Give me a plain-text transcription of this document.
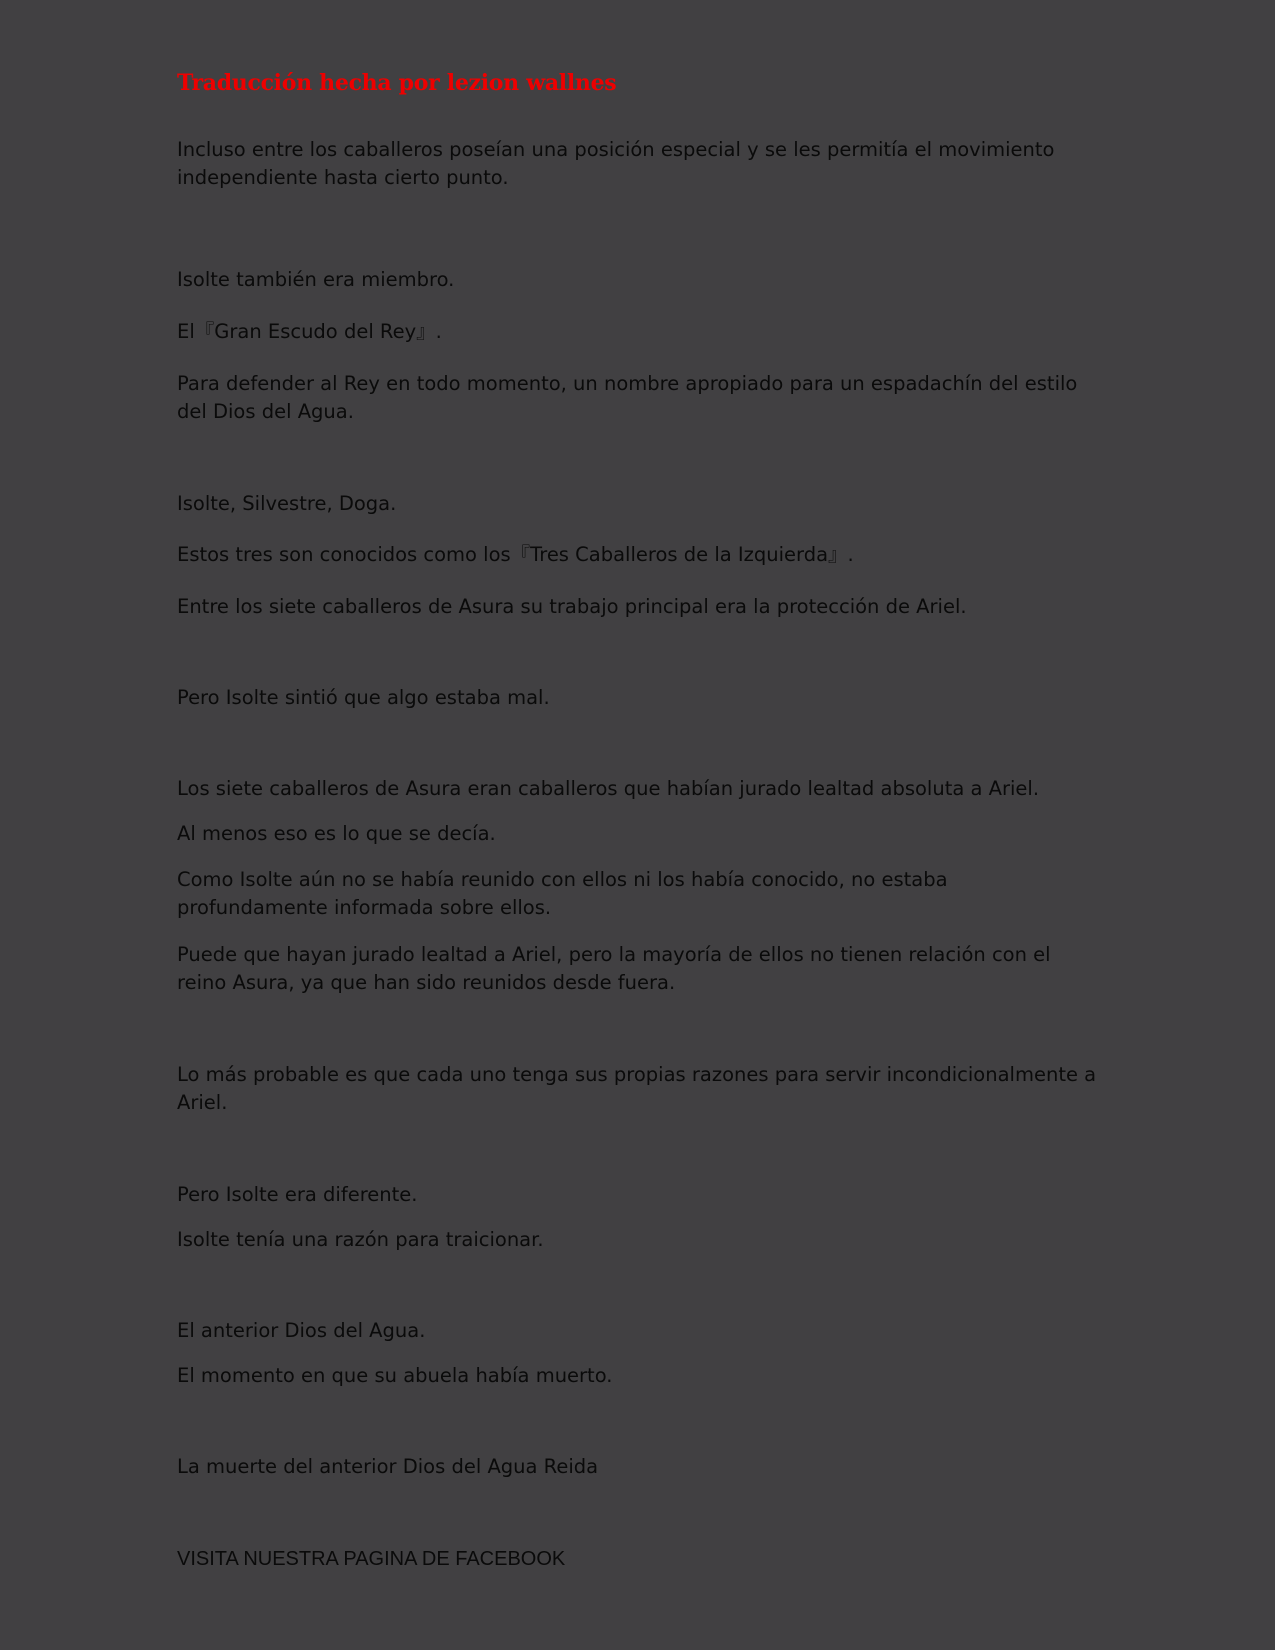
Traducción hecha por lezion wallnes

Incluso entre los caballeros poseían una posición especial y se les permitía el movimiento independiente hasta cierto punto.

Isolte también era miembro.

El『Gran Escudo del Rey』.

Para defender al Rey en todo momento, un nombre apropiado para un espadachín del estilo del Dios del Agua.

Isolte, Silvestre, Doga.

Estos tres son conocidos como los『Tres Caballeros de la Izquierda』.

Entre los siete caballeros de Asura su trabajo principal era la protección de Ariel.

Pero Isolte sintió que algo estaba mal.

Los siete caballeros de Asura eran caballeros que habían jurado lealtad absoluta a Ariel.

Al menos eso es lo que se decía.

Como Isolte aún no se había reunido con ellos ni los había conocido, no estaba profundamente informada sobre ellos.

Puede que hayan jurado lealtad a Ariel, pero la mayoría de ellos no tienen relación con el reino Asura, ya que han sido reunidos desde fuera.

Lo más probable es que cada uno tenga sus propias razones para servir incondicionalmente a Ariel.

Pero Isolte era diferente.

Isolte tenía una razón para traicionar.

El anterior Dios del Agua.

El momento en que su abuela había muerto.

La muerte del anterior Dios del Agua Reida

VISITA NUESTRA PAGINA DE FACEBOOK
